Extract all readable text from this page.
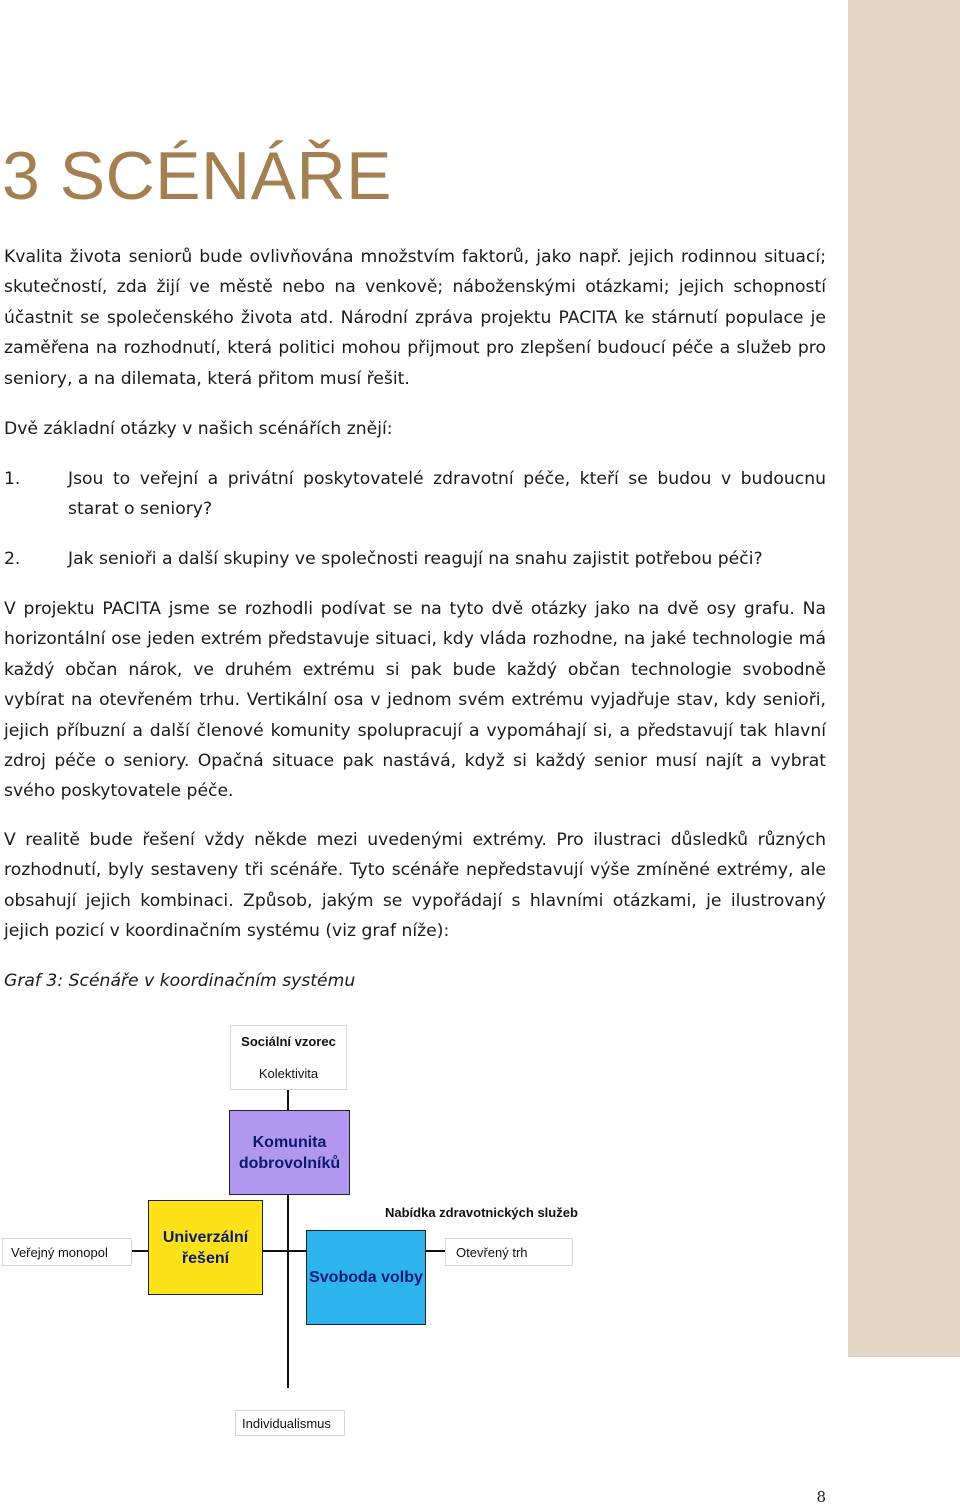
3 SCÉNÁŘE

Kvalita života seniorů bude ovlivňována množstvím faktorů, jako např. jejich rodinnou situací; skutečností, zda žijí ve městě nebo na venkově; náboženskými otázkami; jejich schopností účastnit se společenského života atd. Národní zpráva projektu PACITA ke stárnutí populace je zaměřena na rozhodnutí, která politici mohou přijmout pro zlepšení budoucí péče a služeb pro seniory, a na dilemata, která přitom musí řešit.

Dvě základní otázky v našich scénářích znějí:

1.	Jsou to veřejní a privátní poskytovatelé zdravotní péče, kteří se budou v budoucnu starat o seniory?

2.	Jak senioři a další skupiny ve společnosti reagují na snahu zajistit potřebou péči?

V projektu PACITA jsme se rozhodli podívat se na tyto dvě otázky jako na dvě osy grafu. Na horizontální ose jeden extrém představuje situaci, kdy vláda rozhodne, na jaké technologie má každý občan nárok, ve druhém extrému si pak bude každý občan technologie svobodně vybírat na otevřeném trhu. Vertikální osa v jednom svém extrému vyjadřuje stav, kdy senioři, jejich příbuzní a další členové komunity spolupracují a vypomáhají si, a představují tak hlavní zdroj péče o seniory. Opačná situace pak nastává, když si každý senior musí najít a vybrat svého poskytovatele péče.

V realitě bude řešení vždy někde mezi uvedenými extrémy. Pro ilustraci důsledků různých rozhodnutí, byly sestaveny tři scénáře. Tyto scénáře nepředstavují výše zmíněné extrémy, ale obsahují jejich kombinaci. Způsob, jakým se vypořádají s hlavními otázkami, je ilustrovaný jejich pozicí v koordinačním systému (viz graf níže):

Graf 3: Scénáře v koordinačním systému

Sociální vzorec
Kolektivita
Nabídka zdravotnických služeb
Veřejný monopol	Otevřený trh
Individualismus
Komunita dobrovolníků
Univerzální řešení
Svoboda volby
8
